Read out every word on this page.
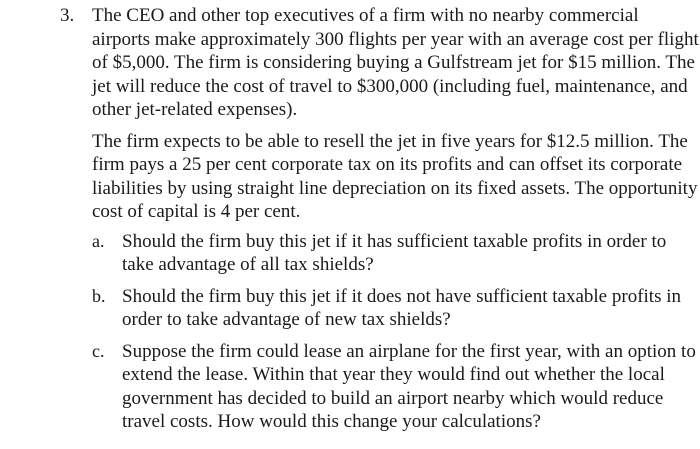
3. The CEO and other top executives of a firm with no nearby commercial airports make approximately 300 flights per year with an average cost per flight of $5,000. The firm is considering buying a Gulfstream jet for $15 million. The jet will reduce the cost of travel to $300,000 (including fuel, maintenance, and other jet-related expenses).

The firm expects to be able to resell the jet in five years for $12.5 million. The firm pays a 25 per cent corporate tax on its profits and can offset its corporate liabilities by using straight line depreciation on its fixed assets. The opportunity cost of capital is 4 per cent.

a. Should the firm buy this jet if it has sufficient taxable profits in order to take advantage of all tax shields?

b. Should the firm buy this jet if it does not have sufficient taxable profits in order to take advantage of new tax shields?

c. Suppose the firm could lease an airplane for the first year, with an option to extend the lease. Within that year they would find out whether the local government has decided to build an airport nearby which would reduce travel costs. How would this change your calculations?
